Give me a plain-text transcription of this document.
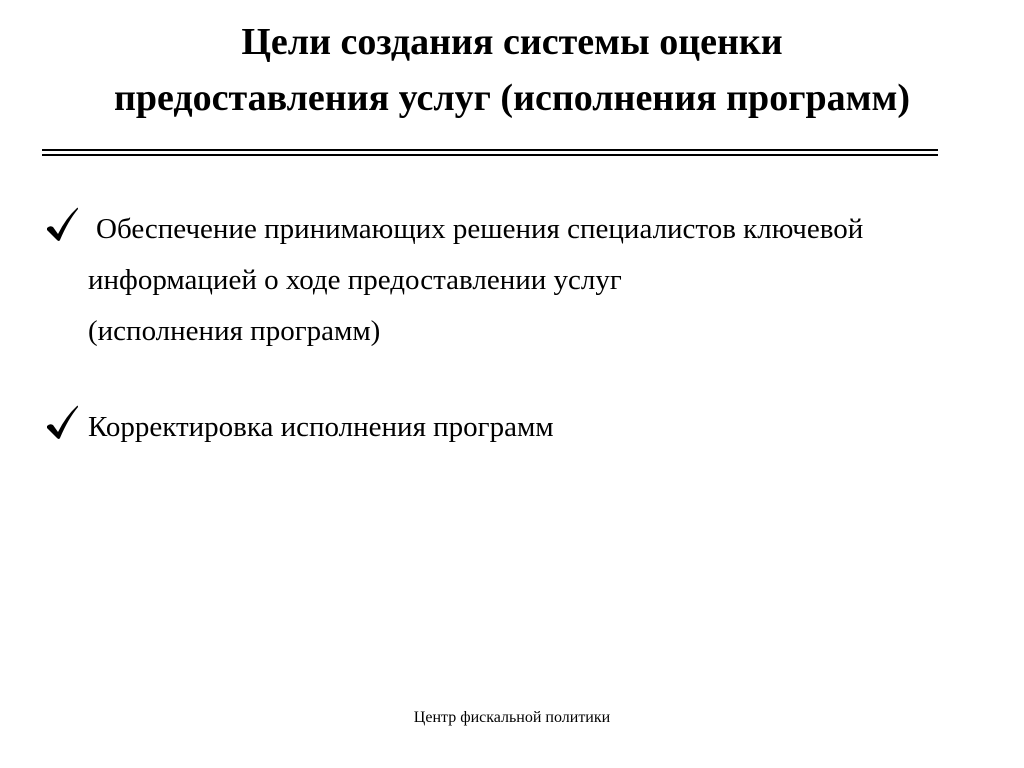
Цели создания системы оценки
предоставления услуг (исполнения программ)
Обеспечение принимающих решения специалистов ключевой
информацией о ходе предоставлении услуг
(исполнения программ)
Корректировка исполнения программ
Центр фискальной политики
